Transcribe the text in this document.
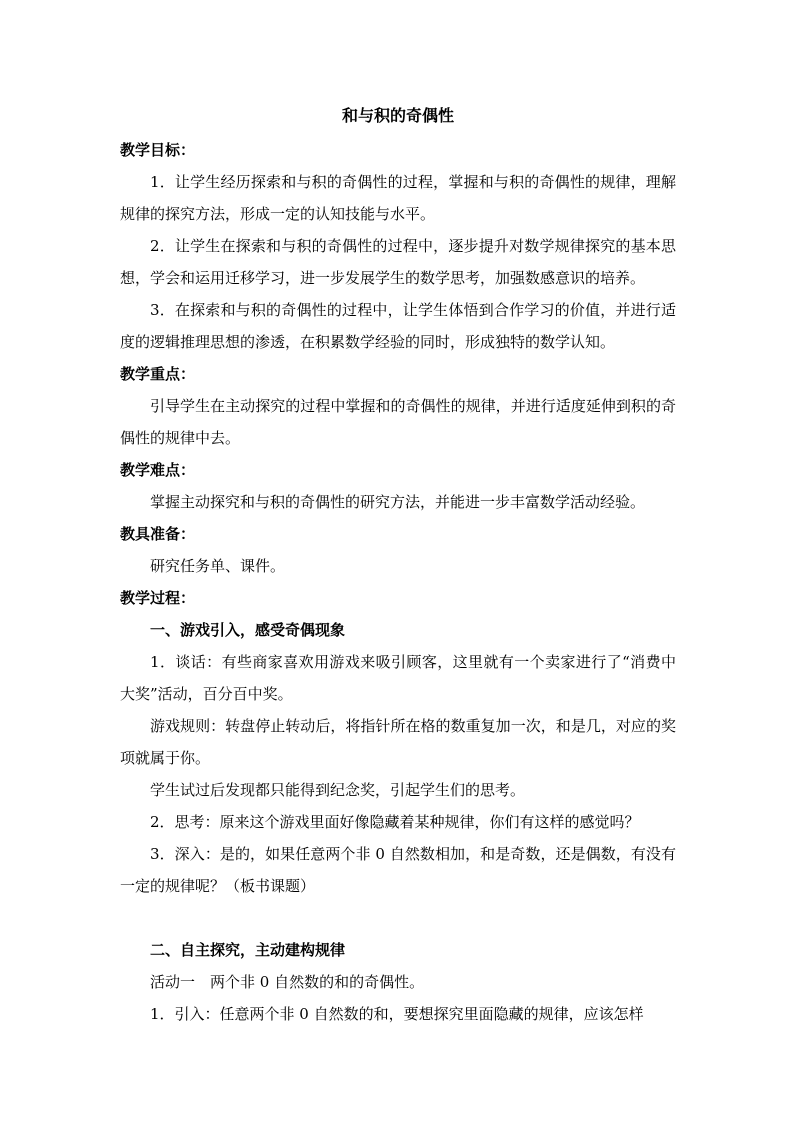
和与积的奇偶性

教学目标：

1．让学生经历探索和与积的奇偶性的过程，掌握和与积的奇偶性的规律，理解规律的探究方法，形成一定的认知技能与水平。

2．让学生在探索和与积的奇偶性的过程中，逐步提升对数学规律探究的基本思想，学会和运用迁移学习，进一步发展学生的数学思考，加强数感意识的培养。

3．在探索和与积的奇偶性的过程中，让学生体悟到合作学习的价值，并进行适度的逻辑推理思想的渗透，在积累数学经验的同时，形成独特的数学认知。

教学重点：

引导学生在主动探究的过程中掌握和的奇偶性的规律，并进行适度延伸到积的奇偶性的规律中去。

教学难点：

掌握主动探究和与积的奇偶性的研究方法，并能进一步丰富数学活动经验。

教具准备：

研究任务单、课件。

教学过程：

一、游戏引入，感受奇偶现象

1．谈话：有些商家喜欢用游戏来吸引顾客，这里就有一个卖家进行了“消费中大奖”活动，百分百中奖。

游戏规则：转盘停止转动后，将指针所在格的数重复加一次，和是几，对应的奖项就属于你。

学生试过后发现都只能得到纪念奖，引起学生们的思考。

2．思考：原来这个游戏里面好像隐藏着某种规律，你们有这样的感觉吗？

3．深入：是的，如果任意两个非 0 自然数相加，和是奇数，还是偶数，有没有一定的规律呢？（板书课题）

二、自主探究，主动建构规律

活动一　两个非 0 自然数的和的奇偶性。

1．引入：任意两个非 0 自然数的和，要想探究里面隐藏的规律，应该怎样
